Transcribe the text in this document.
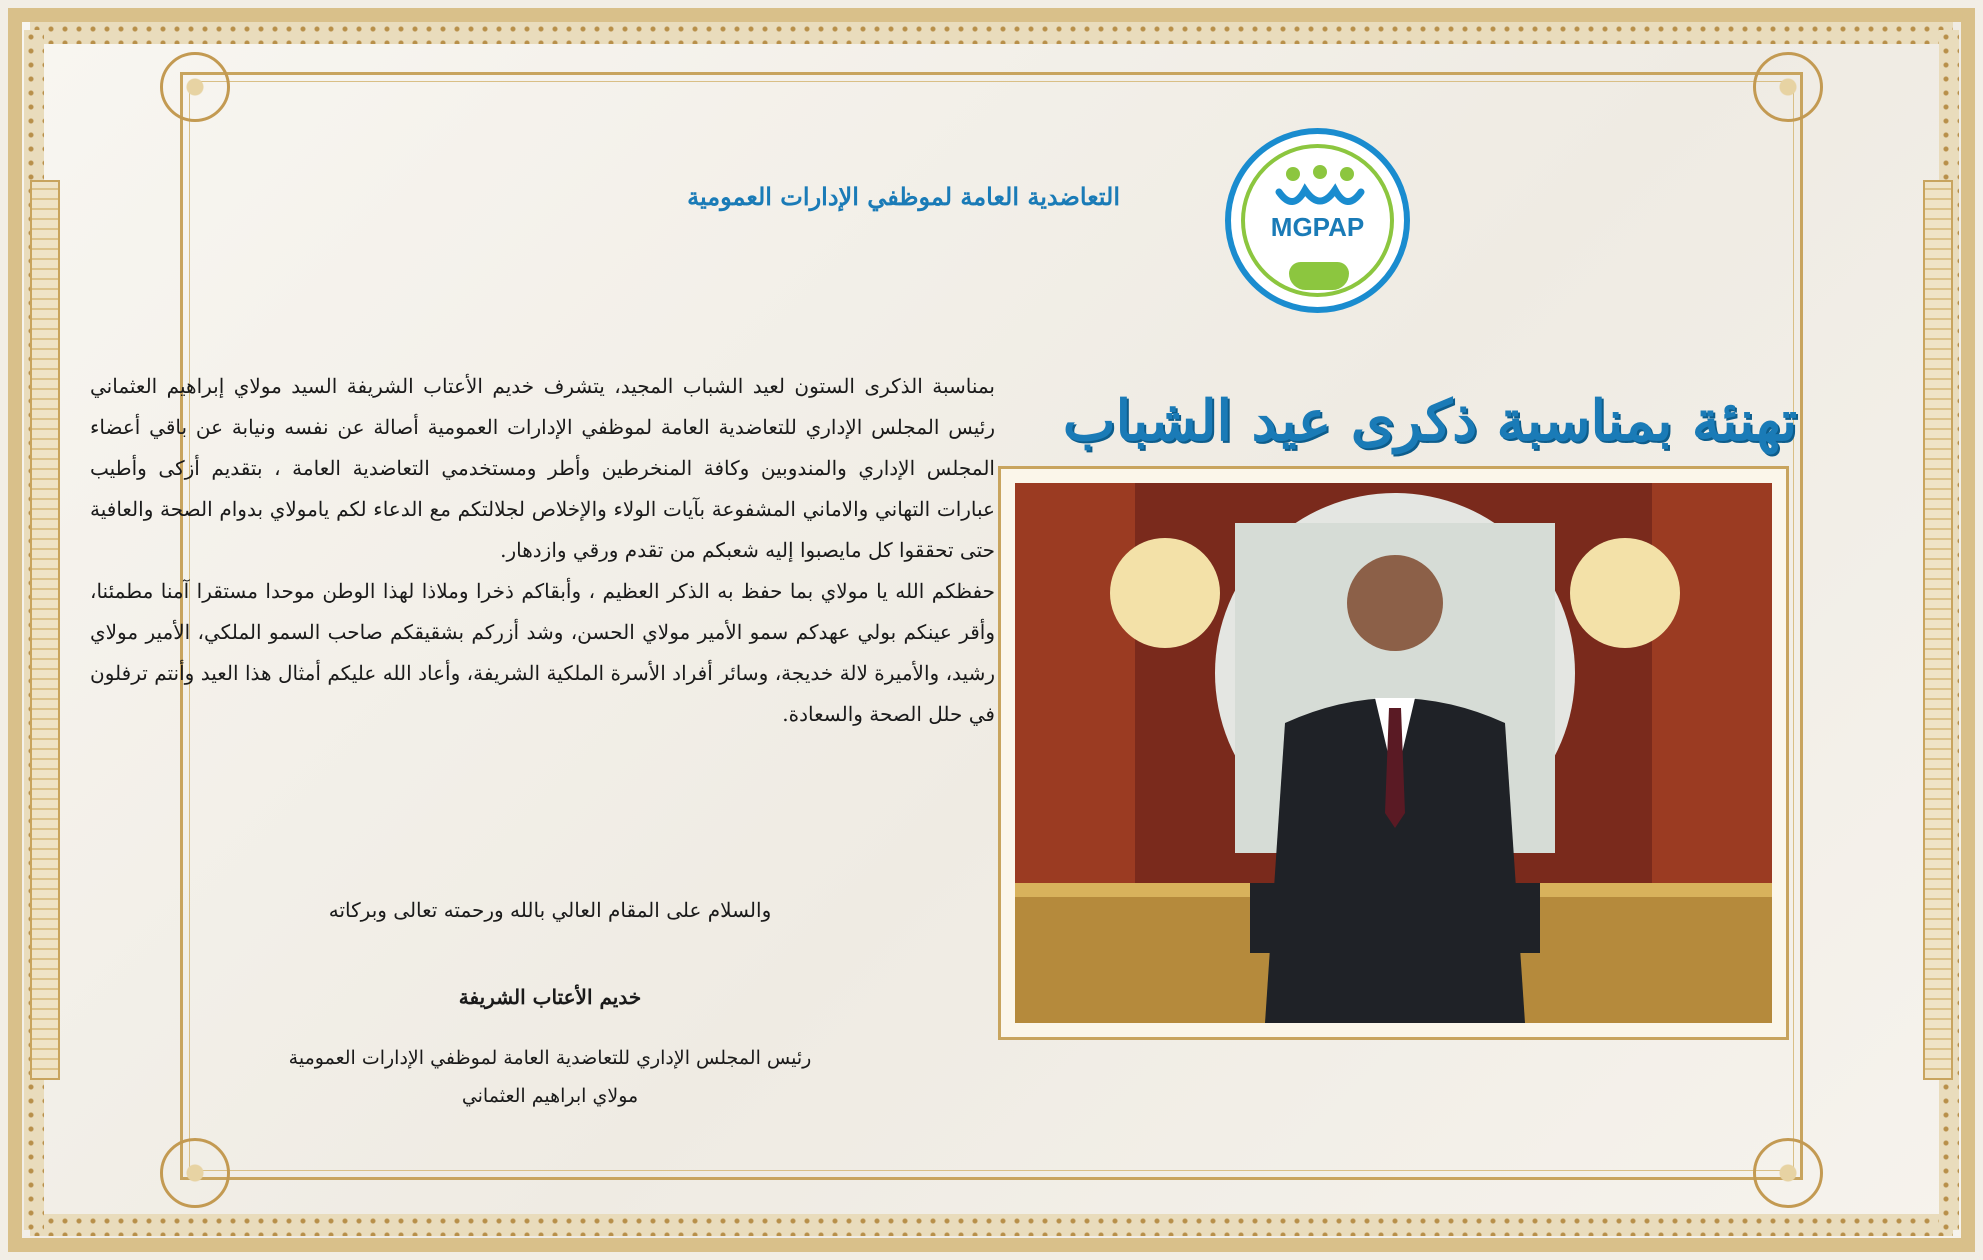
التعاضدية العامة لموظفي الإدارات العمومية
MGPAP
تهنئة بمناسبة ذكرى عيد الشباب

بمناسبة الذكرى الستون لعيد الشباب المجيد، يتشرف خديم الأعتاب الشريفة السيد مولاي إبراهيم العثماني رئيس المجلس الإداري للتعاضدية العامة لموظفي الإدارات العمومية أصالة عن نفسه ونيابة عن باقي أعضاء المجلس الإداري والمندوبين وكافة المنخرطين وأطر ومستخدمي التعاضدية العامة ، بتقديم أزكى وأطيب عبارات التهاني والاماني المشفوعة بآيات الولاء والإخلاص لجلالتكم مع الدعاء لكم يامولاي بدوام الصحة والعافية حتى تحققوا كل مايصبوا إليه شعبكم من تقدم ورقي وازدهار.

حفظكم الله يا مولاي بما حفظ به الذكر العظيم ، وأبقاكم ذخرا وملاذا لهذا الوطن موحدا مستقرا آمنا مطمئنا، وأقر عينكم بولي عهدكم سمو الأمير مولاي الحسن، وشد أزركم بشقيقكم صاحب السمو الملكي، الأمير مولاي رشيد، والأميرة لالة خديجة، وسائر أفراد الأسرة الملكية الشريفة، وأعاد الله عليكم أمثال هذا العيد وأنتم ترفلون في حلل الصحة والسعادة.

والسلام على المقام العالي بالله ورحمته تعالى وبركاته
خديم الأعتاب الشريفة
رئيس المجلس الإداري للتعاضدية العامة لموظفي الإدارات العمومية
مولاي ابراهيم العثماني
